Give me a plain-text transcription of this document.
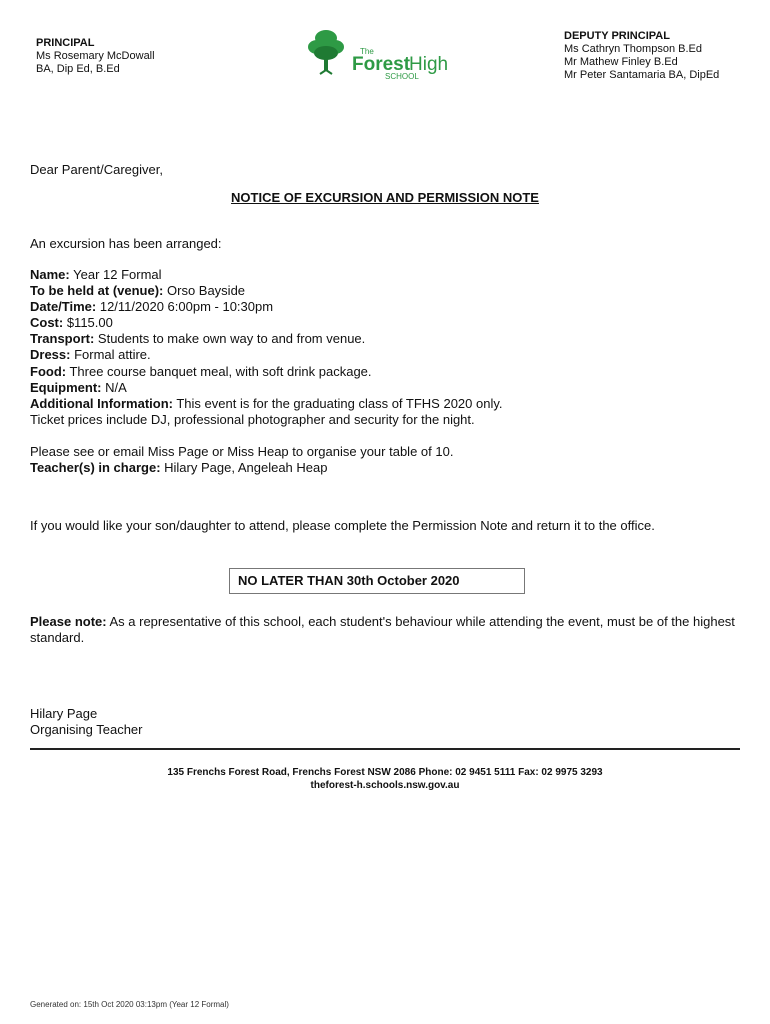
PRINCIPAL
Ms Rosemary McDowall
BA, Dip Ed, B.Ed
The
Forest
High
SCHOOL
DEPUTY PRINCIPAL
Ms Cathryn Thompson B.Ed
Mr Mathew Finley B.Ed
Mr Peter Santamaria BA, DipEd
Dear Parent/Caregiver,
NOTICE OF EXCURSION AND PERMISSION NOTE
An excursion has been arranged:
Name: Year 12 Formal
To be held at (venue): Orso Bayside
Date/Time: 12/11/2020 6:00pm - 10:30pm
Cost: $115.00
Transport: Students to make own way to and from venue.
Dress: Formal attire.
Food: Three course banquet meal, with soft drink package.
Equipment: N/A
Additional Information: This event is for the graduating class of TFHS 2020 only.
Ticket prices include DJ, professional photographer and security for the night.
Please see or email Miss Page or Miss Heap to organise your table of 10.
Teacher(s) in charge: Hilary Page, Angeleah Heap
If you would like your son/daughter to attend, please complete the Permission Note and return it to the office.
NO LATER THAN 30th October 2020
Please note: As a representative of this school, each student's behaviour while attending the event, must be of the highest standard.
Hilary Page
Organising Teacher
135 Frenchs Forest Road, Frenchs Forest NSW 2086 Phone: 02 9451 5111 Fax: 02 9975 3293
theforest-h.schools.nsw.gov.au
Generated on: 15th Oct 2020 03:13pm (Year 12 Formal)
